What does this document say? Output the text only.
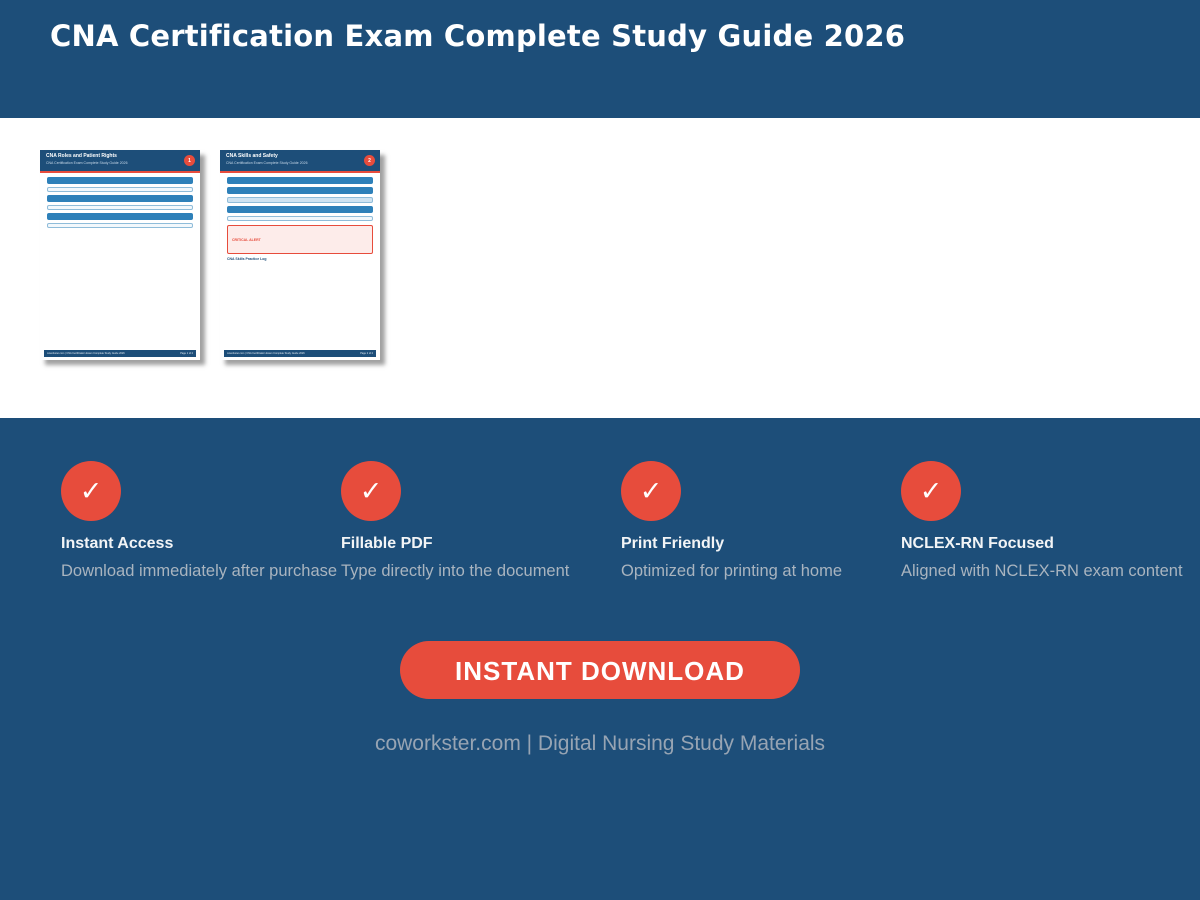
CNA Certification Exam Complete Study Guide 2026
CNA Roles and Patient Rights
CNA Certification Exam Complete Study Guide 2026	1
coworkster.com | CNA Certification Exam Complete Study Guide 2026	Page 1 of 2
CNA Skills and Safety
CNA Certification Exam Complete Study Guide 2026	2
CRITICAL ALERT
CNA Skills Practice Log
coworkster.com | CNA Certification Exam Complete Study Guide 2026	Page 2 of 2
✓
Instant Access
Download immediately after purchase
✓
Fillable PDF
Type directly into the document
✓
Print Friendly
Optimized for printing at home
✓
NCLEX-RN Focused
Aligned with NCLEX-RN exam content
INSTANT DOWNLOAD
coworkster.com | Digital Nursing Study Materials
